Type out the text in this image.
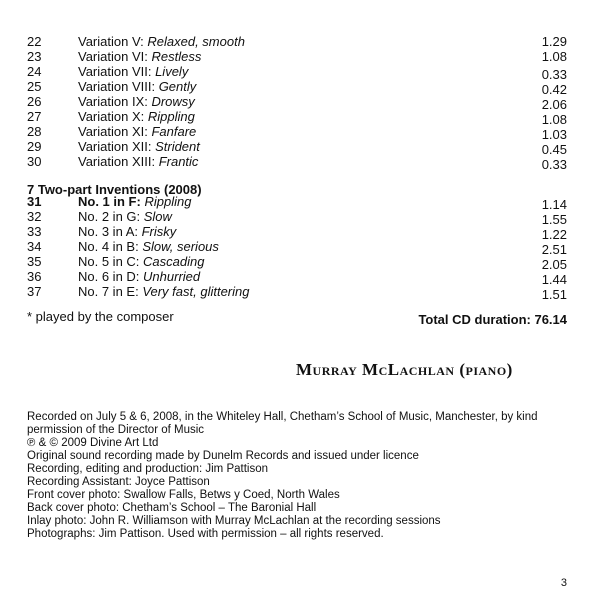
22	Variation V: Relaxed, smooth	1.29
23	Variation VI: Restless	1.08
24	Variation VII: Lively	0.33
25	Variation VIII: Gently	0.42
26	Variation IX: Drowsy	2.06
27	Variation X: Rippling	1.08
28	Variation XI: Fanfare	1.03
29	Variation XII: Strident	0.45
30	Variation XIII: Frantic	0.33
7 Two-part Inventions (2008)
31	No. 1 in F: Rippling	1.14
32	No. 2 in G: Slow	1.55
33	No. 3 in A: Frisky	1.22
34	No. 4 in B: Slow, serious	2.51
35	No. 5 in C: Cascading	2.05
36	No. 6 in D: Unhurried	1.44
37	No. 7 in E: Very fast, glittering	1.51
* played by the composer	Total CD duration: 76.14
Murray McLachlan (piano)
Recorded on July 5 & 6, 2008, in the Whiteley Hall, Chetham’s School of Music, Manchester, by kind
permission of the Director of Music
℗ & © 2009 Divine Art Ltd
Original sound recording made by Dunelm Records and issued under licence
Recording, editing and production: Jim Pattison
Recording Assistant: Joyce Pattison
Front cover photo: Swallow Falls, Betws y Coed, North Wales
Back cover photo: Chetham’s School – The Baronial Hall
Inlay photo: John R. Williamson with Murray McLachlan at the recording sessions
Photographs: Jim Pattison. Used with permission – all rights reserved.
3
